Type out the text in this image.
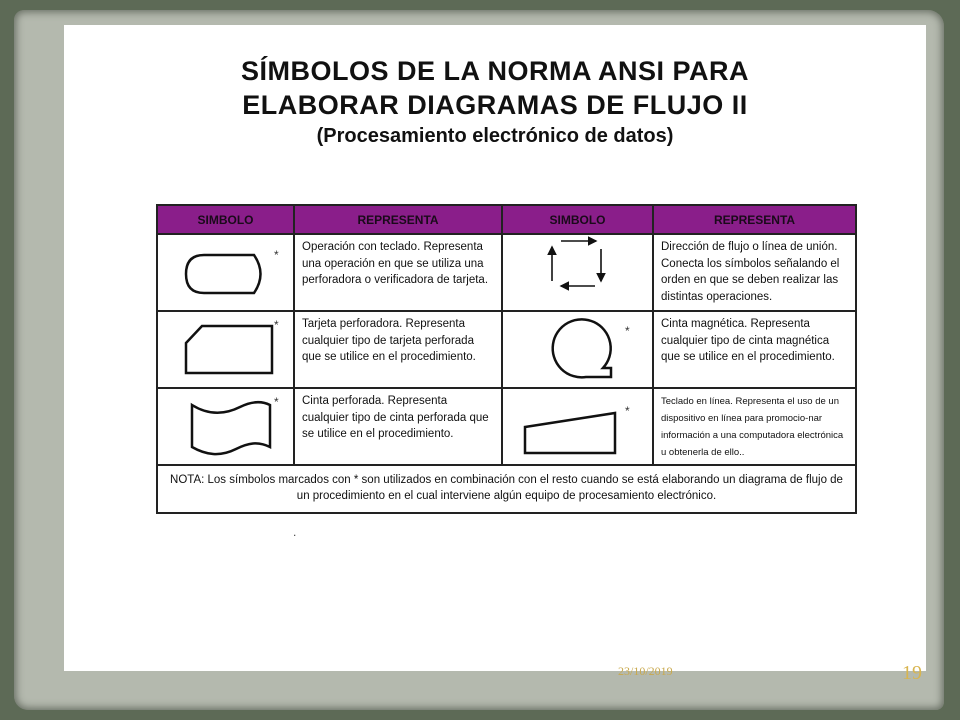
SÍMBOLOS DE LA NORMA ANSI PARA
ELABORAR DIAGRAMAS DE FLUJO II
(Procesamiento electrónico de datos)
SIMBOLO	REPRESENTA	SIMBOLO	REPRESENTA

*	Operación con teclado. Representa una operación en que se utiliza una perforadora o verificadora de tarjeta.		Dirección de flujo o línea de unión. Conecta los símbolos señalando el orden en que se deben realizar las distintas operaciones.

*	Tarjeta perforadora. Representa cualquier tipo de tarjeta perforada que se utilice en el procedimiento.	*	Cinta magnética. Representa cualquier tipo de cinta magnética que se utilice en el procedimiento.

*	Cinta perforada. Representa cualquier tipo de cinta perforada que se utilice en el procedimiento.	*	Teclado en línea. Representa el uso de un dispositivo en línea para promocio-nar información a una computadora electrónica u obtenerla de ello..
NOTA: Los símbolos marcados con * son utilizados en combinación con el resto cuando se está elaborando un diagrama de flujo de un procedimiento en el cual interviene algún equipo de procesamiento electrónico.			
.
23/10/2019	19
